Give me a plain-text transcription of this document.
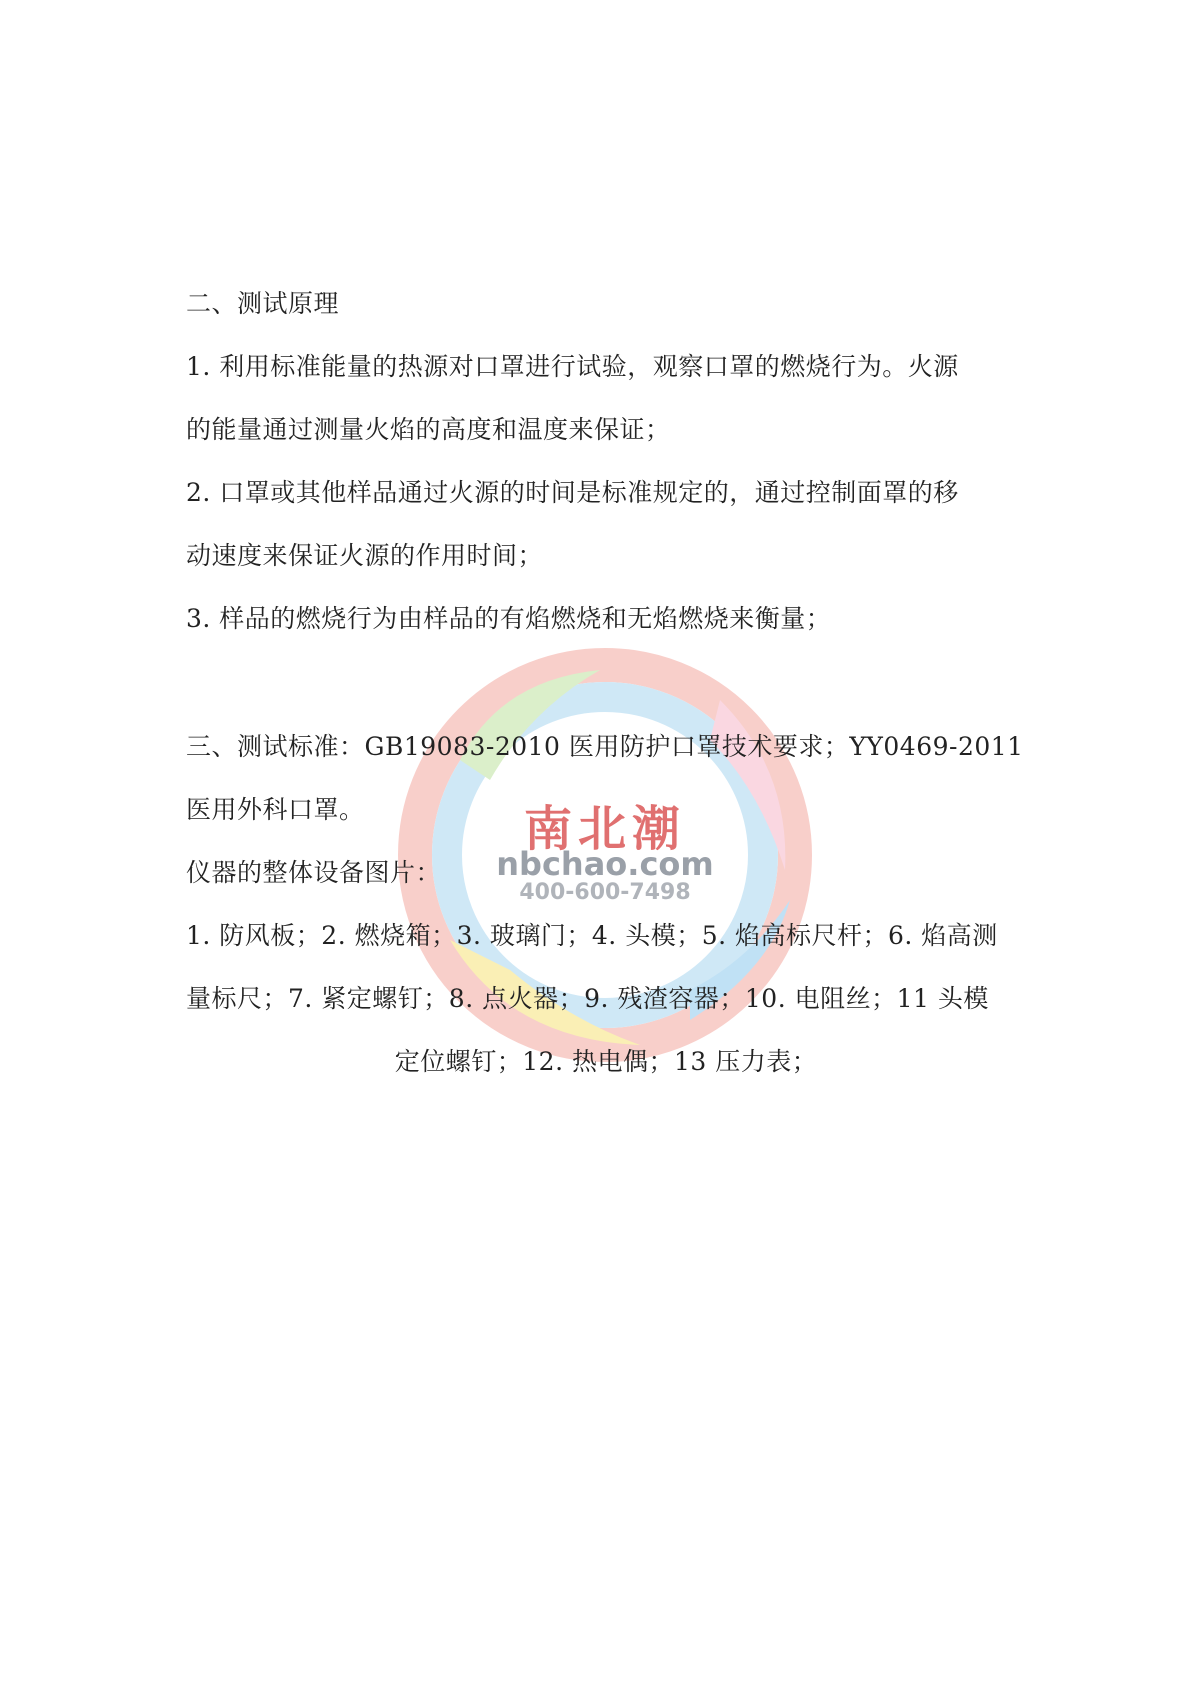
南北潮
nbchao.com
400-600-7498
二、测试原理
1. 利用标准能量的热源对口罩进行试验，观察口罩的燃烧行为。火源
的能量通过测量火焰的高度和温度来保证；
2. 口罩或其他样品通过火源的时间是标准规定的，通过控制面罩的移
动速度来保证火源的作用时间；
3. 样品的燃烧行为由样品的有焰燃烧和无焰燃烧来衡量；
三、测试标准：GB19083-2010 医用防护口罩技术要求；YY0469-2011
医用外科口罩。
仪器的整体设备图片：
1. 防风板；2. 燃烧箱；3. 玻璃门；4. 头模；5. 焰高标尺杆；6. 焰高测
量标尺；7. 紧定螺钉；8. 点火器；9. 残渣容器；10. 电阻丝；11 头模
定位螺钉；12. 热电偶；13 压力表；
